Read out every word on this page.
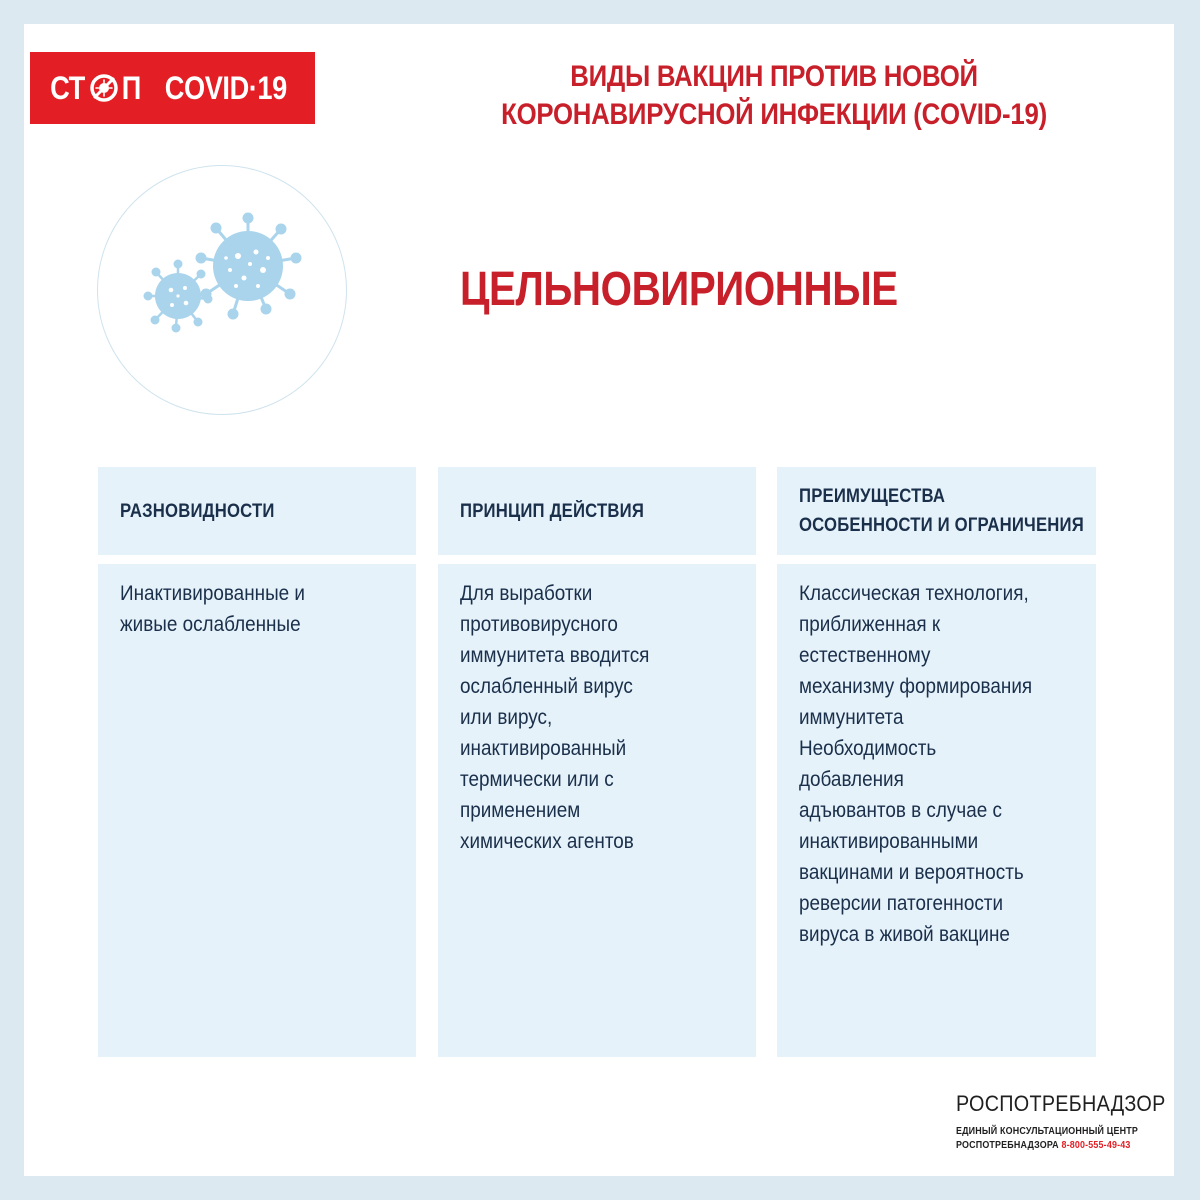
СТ П COVID·19	ВИДЫ ВАКЦИН ПРОТИВ НОВОЙ
КОРОНАВИРУСНОЙ ИНФЕКЦИИ (COVID-19)
ЦЕЛЬНОВИРИОННЫЕ
РАЗНОВИДНОСТИ	ПРИНЦИП ДЕЙСТВИЯ
ПРЕИМУЩЕСТВА
ОСОБЕННОСТИ И ОГРАНИЧЕНИЯ
Инактивированные и
живые ослабленные
Для выработки
противовирусного
иммунитета вводится
ослабленный вирус
или вирус,
инактивированный
термически или с
применением
химических агентов
Классическая технология,
приближенная к
естественному
механизму формирования
иммунитета
Необходимость
добавления
адъювантов в случае с
инактивированными
вакцинами и вероятность
реверсии патогенности
вируса в живой вакцине
РОСПОТРЕБНАДЗОР
ЕДИНЫЙ КОНСУЛЬТАЦИОННЫЙ ЦЕНТР
РОСПОТРЕБНАДЗОРА 8-800-555-49-43
